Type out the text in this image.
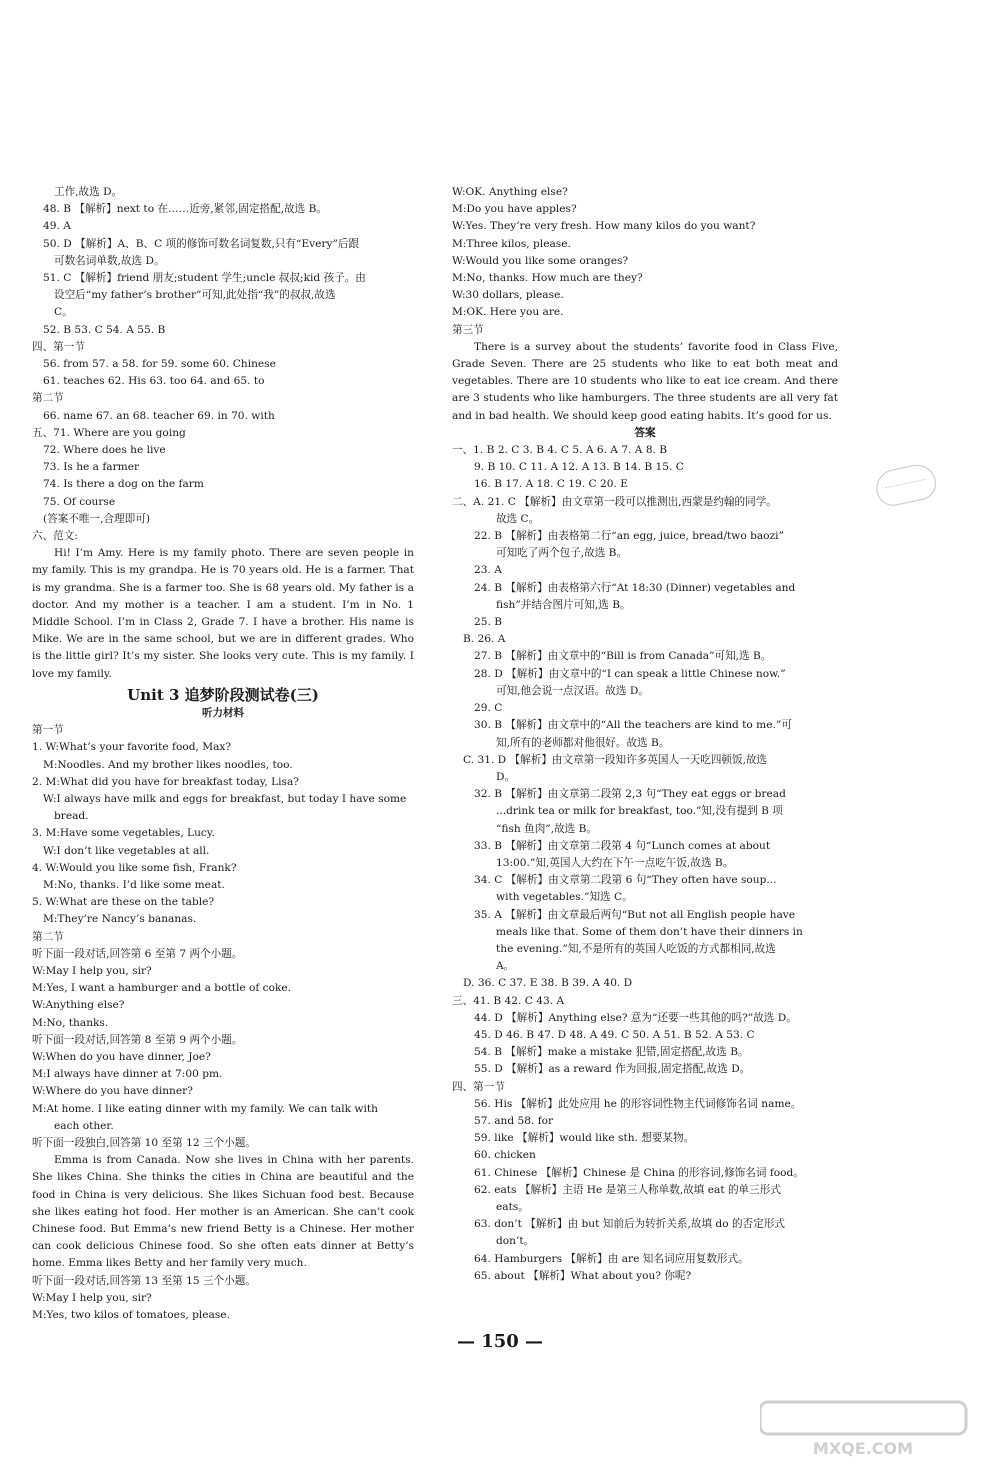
工作,故选 D。
48. B 【解析】next to 在……近旁,紧邻,固定搭配,故选 B。
49. A
50. D 【解析】A、B、C 项的修饰可数名词复数,只有“Every”后跟
可数名词单数,故选 D。
51. C 【解析】friend 朋友;student 学生;uncle 叔叔;kid 孩子。由
设空后“my father’s brother”可知,此处指“我”的叔叔,故选
C。
52. B 53. C 54. A 55. B
四、第一节
56. from 57. a 58. for 59. some 60. Chinese
61. teaches 62. His 63. too 64. and 65. to
第二节
66. name 67. an 68. teacher 69. in 70. with
五、71. Where are you going
72. Where does he live
73. Is he a farmer
74. Is there a dog on the farm
75. Of course
(答案不唯一,合理即可)
六、范文:
Hi! I’m Amy. Here is my family photo. There are seven people in my family. This is my grandpa. He is 70 years old. He is a farmer. That is my grandma. She is a farmer too. She is 68 years old. My father is a doctor. And my mother is a teacher. I am a student. I’m in No. 1 Middle School. I’m in Class 2, Grade 7. I have a brother. His name is Mike. We are in the same school, but we are in different grades. Who is the little girl? It’s my sister. She looks very cute. This is my family. I love my family.
Unit 3 追梦阶段测试卷(三)
听力材料
第一节
1. W:What’s your favorite food, Max?
M:Noodles. And my brother likes noodles, too.
2. M:What did you have for breakfast today, Lisa?
W:I always have milk and eggs for breakfast, but today I have some
bread.
3. M:Have some vegetables, Lucy.
W:I don’t like vegetables at all.
4. W:Would you like some fish, Frank?
M:No, thanks. I’d like some meat.
5. W:What are these on the table?
M:They’re Nancy’s bananas.
第二节
听下面一段对话,回答第 6 至第 7 两个小题。
W:May I help you, sir?
M:Yes, I want a hamburger and a bottle of coke.
W:Anything else?
M:No, thanks.
听下面一段对话,回答第 8 至第 9 两个小题。
W:When do you have dinner, Joe?
M:I always have dinner at 7:00 pm.
W:Where do you have dinner?
M:At home. I like eating dinner with my family. We can talk with
each other.
听下面一段独白,回答第 10 至第 12 三个小题。
Emma is from Canada. Now she lives in China with her parents. She likes China. She thinks the cities in China are beautiful and the food in China is very delicious. She likes Sichuan food best. Because she likes eating hot food. Her mother is an American. She can’t cook Chinese food. But Emma’s new friend Betty is a Chinese. Her mother can cook delicious Chinese food. So she often eats dinner at Betty’s home. Emma likes Betty and her family very much.
听下面一段对话,回答第 13 至第 15 三个小题。
W:May I help you, sir?
M:Yes, two kilos of tomatoes, please.
W:OK. Anything else?
M:Do you have apples?
W:Yes. They’re very fresh. How many kilos do you want?
M:Three kilos, please.
W:Would you like some oranges?
M:No, thanks. How much are they?
W:30 dollars, please.
M:OK. Here you are.
第三节
There is a survey about the students’ favorite food in Class Five, Grade Seven. There are 25 students who like to eat both meat and vegetables. There are 10 students who like to eat ice cream. And there are 3 students who like hamburgers. The three students are all very fat and in bad health. We should keep good eating habits. It’s good for us.
答案
一、1. B 2. C 3. B 4. C 5. A 6. A 7. A 8. B
9. B 10. C 11. A 12. A 13. B 14. B 15. C
16. B 17. A 18. C 19. C 20. E
二、A. 21. C 【解析】由文章第一段可以推测出,西蒙是约翰的同学。
故选 C。
22. B 【解析】由表格第二行“an egg, juice, bread/two baozi”
可知吃了两个包子,故选 B。
23. A
24. B 【解析】由表格第六行“At 18:30 (Dinner) vegetables and
fish”并结合图片可知,选 B。
25. B
B. 26. A
27. B 【解析】由文章中的“Bill is from Canada”可知,选 B。
28. D 【解析】由文章中的“I can speak a little Chinese now.”
可知,他会说一点汉语。故选 D。
29. C
30. B 【解析】由文章中的“All the teachers are kind to me.”可
知,所有的老师都对他很好。故选 B。
C. 31. D 【解析】由文章第一段知许多英国人一天吃四顿饭,故选
D。
32. B 【解析】由文章第二段第 2,3 句“They eat eggs or bread
...drink tea or milk for breakfast, too.”知,没有提到 B 项
“fish 鱼肉”,故选 B。
33. B 【解析】由文章第二段第 4 句“Lunch comes at about
13:00.”知,英国人大约在下午一点吃午饭,故选 B。
34. C 【解析】由文章第二段第 6 句“They often have soup...
with vegetables.”知选 C。
35. A 【解析】由文章最后两句“But not all English people have
meals like that. Some of them don’t have their dinners in
the evening.”知,不是所有的英国人吃饭的方式都相同,故选
A。
D. 36. C 37. E 38. B 39. A 40. D
三、41. B 42. C 43. A
44. D 【解析】Anything else? 意为“还要一些其他的吗?”故选 D。
45. D 46. B 47. D 48. A 49. C 50. A 51. B 52. A 53. C
54. B 【解析】make a mistake 犯错,固定搭配,故选 B。
55. D 【解析】as a reward 作为回报,固定搭配,故选 D。
四、第一节
56. His 【解析】此处应用 he 的形容词性物主代词修饰名词 name。
57. and 58. for
59. like 【解析】would like sth. 想要某物。
60. chicken
61. Chinese 【解析】Chinese 是 China 的形容词,修饰名词 food。
62. eats 【解析】主语 He 是第三人称单数,故填 eat 的单三形式
eats。
63. don’t 【解析】由 but 知前后为转折关系,故填 do 的否定形式
don’t。
64. Hamburgers 【解析】由 are 知名词应用复数形式。
65. about 【解析】What about you? 你呢?
— 150 —
MXQE.COM
